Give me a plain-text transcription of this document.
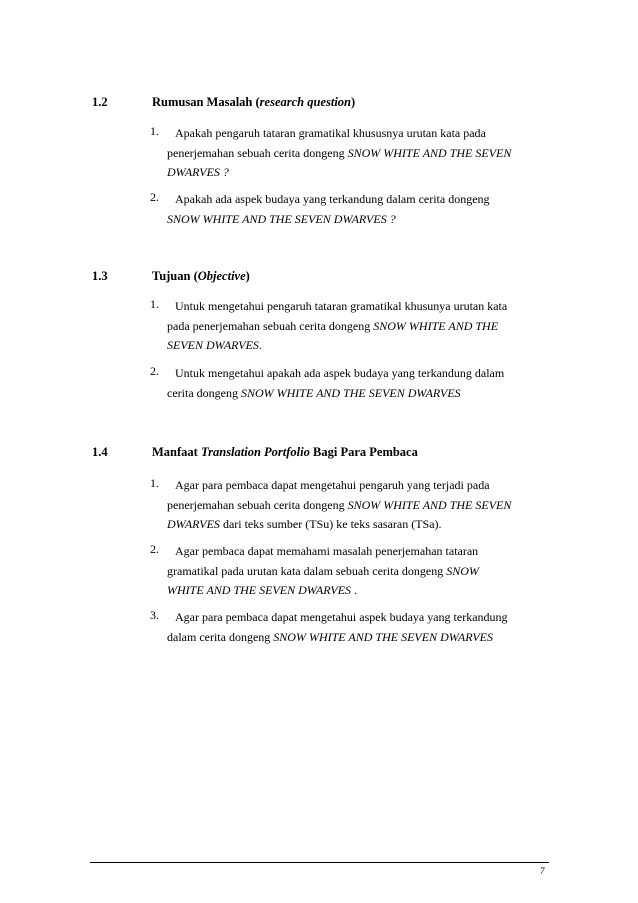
1.2	Rumusan Masalah (research question)
1.	Apakah pengaruh tataran gramatikal khususnya urutan kata pada
penerjemahan sebuah cerita dongeng SNOW WHITE AND THE SEVEN
DWARVES ?
2.	Apakah ada aspek budaya yang terkandung dalam cerita dongeng
SNOW WHITE AND THE SEVEN DWARVES ?
1.3	Tujuan (Objective)
1.	Untuk mengetahui pengaruh tataran gramatikal khusunya urutan kata
pada penerjemahan sebuah cerita dongeng SNOW WHITE AND THE
SEVEN DWARVES.
2.	Untuk mengetahui apakah ada aspek budaya yang terkandung dalam
cerita dongeng SNOW WHITE AND THE SEVEN DWARVES
1.4	Manfaat Translation Portfolio Bagi Para Pembaca
1.	Agar para pembaca dapat mengetahui pengaruh yang terjadi pada
penerjemahan sebuah cerita dongeng SNOW WHITE AND THE SEVEN
DWARVES dari teks sumber (TSu) ke teks sasaran (TSa).
2.	Agar pembaca dapat memahami masalah penerjemahan tataran
gramatikal pada urutan kata dalam sebuah cerita dongeng SNOW
WHITE AND THE SEVEN DWARVES .
3.	Agar para pembaca dapat mengetahui aspek budaya yang terkandung
dalam cerita dongeng SNOW WHITE AND THE SEVEN DWARVES
7
